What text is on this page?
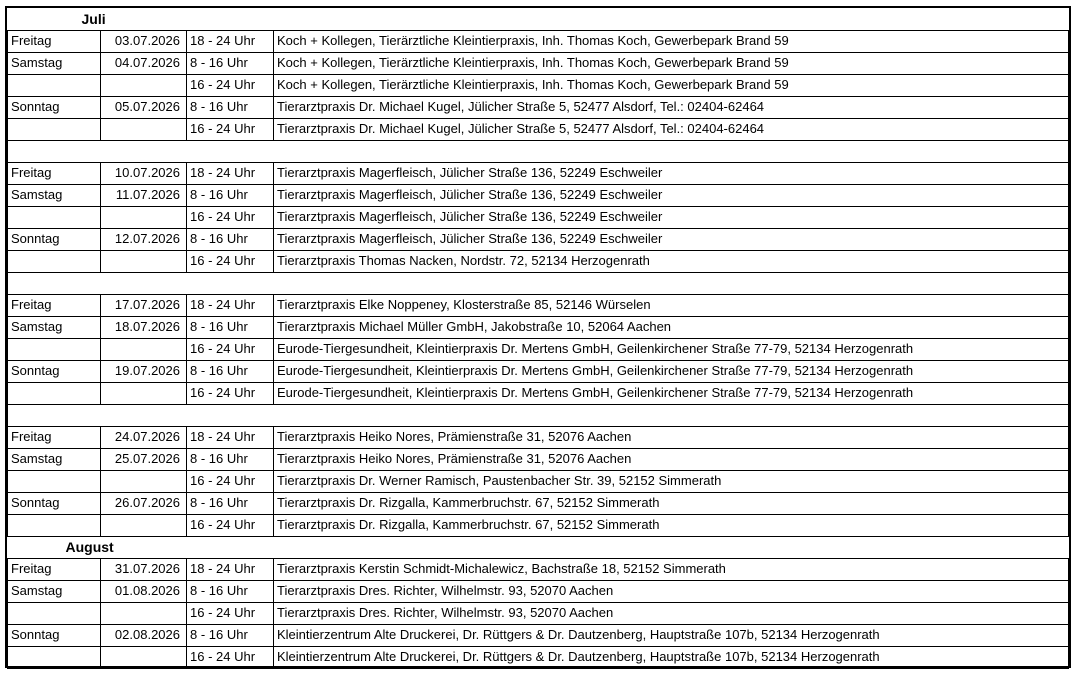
Juli			
Freitag	03.07.2026	18 - 24 Uhr	Koch + Kollegen, Tierärztliche Kleintierpraxis, Inh. Thomas Koch, Gewerbepark Brand 59
Samstag	04.07.2026	8 - 16 Uhr	Koch + Kollegen, Tierärztliche Kleintierpraxis, Inh. Thomas Koch, Gewerbepark Brand 59
		16 - 24 Uhr	Koch + Kollegen, Tierärztliche Kleintierpraxis, Inh. Thomas Koch, Gewerbepark Brand 59
Sonntag	05.07.2026	8 - 16 Uhr	Tierarztpraxis Dr. Michael Kugel, Jülicher Straße 5, 52477 Alsdorf, Tel.: 02404-62464
		16 - 24 Uhr	Tierarztpraxis Dr. Michael Kugel, Jülicher Straße 5, 52477 Alsdorf, Tel.: 02404-62464

Freitag	10.07.2026	18 - 24 Uhr	Tierarztpraxis Magerfleisch, Jülicher Straße 136, 52249 Eschweiler
Samstag	11.07.2026	8 - 16 Uhr	Tierarztpraxis Magerfleisch, Jülicher Straße 136, 52249 Eschweiler
		16 - 24 Uhr	Tierarztpraxis Magerfleisch, Jülicher Straße 136, 52249 Eschweiler
Sonntag	12.07.2026	8 - 16 Uhr	Tierarztpraxis Magerfleisch, Jülicher Straße 136, 52249 Eschweiler
		16 - 24 Uhr	Tierarztpraxis Thomas Nacken, Nordstr. 72, 52134 Herzogenrath

Freitag	17.07.2026	18 - 24 Uhr	Tierarztpraxis Elke Noppeney, Klosterstraße 85, 52146 Würselen
Samstag	18.07.2026	8 - 16 Uhr	Tierarztpraxis Michael Müller GmbH, Jakobstraße 10, 52064 Aachen
		16 - 24 Uhr	Eurode-Tiergesundheit, Kleintierpraxis Dr. Mertens GmbH, Geilenkirchener Straße 77-79, 52134 Herzogenrath
Sonntag	19.07.2026	8 - 16 Uhr	Eurode-Tiergesundheit, Kleintierpraxis Dr. Mertens GmbH, Geilenkirchener Straße 77-79, 52134 Herzogenrath
		16 - 24 Uhr	Eurode-Tiergesundheit, Kleintierpraxis Dr. Mertens GmbH, Geilenkirchener Straße 77-79, 52134 Herzogenrath

Freitag	24.07.2026	18 - 24 Uhr	Tierarztpraxis Heiko Nores, Prämienstraße 31, 52076 Aachen
Samstag	25.07.2026	8 - 16 Uhr	Tierarztpraxis Heiko Nores, Prämienstraße 31, 52076 Aachen
		16 - 24 Uhr	Tierarztpraxis Dr. Werner Ramisch, Paustenbacher Str. 39, 52152 Simmerath
Sonntag	26.07.2026	8 - 16 Uhr	Tierarztpraxis Dr. Rizgalla, Kammerbruchstr. 67, 52152 Simmerath
		16 - 24 Uhr	Tierarztpraxis Dr. Rizgalla, Kammerbruchstr. 67, 52152 Simmerath
August			
Freitag	31.07.2026	18 - 24 Uhr	Tierarztpraxis Kerstin Schmidt-Michalewicz, Bachstraße 18, 52152 Simmerath
Samstag	01.08.2026	8 - 16 Uhr	Tierarztpraxis Dres. Richter, Wilhelmstr. 93, 52070 Aachen
		16 - 24 Uhr	Tierarztpraxis Dres. Richter, Wilhelmstr. 93, 52070 Aachen
Sonntag	02.08.2026	8 - 16 Uhr	Kleintierzentrum Alte Druckerei, Dr. Rüttgers & Dr. Dautzenberg, Hauptstraße 107b, 52134 Herzogenrath
		16 - 24 Uhr	Kleintierzentrum Alte Druckerei, Dr. Rüttgers & Dr. Dautzenberg, Hauptstraße 107b, 52134 Herzogenrath
